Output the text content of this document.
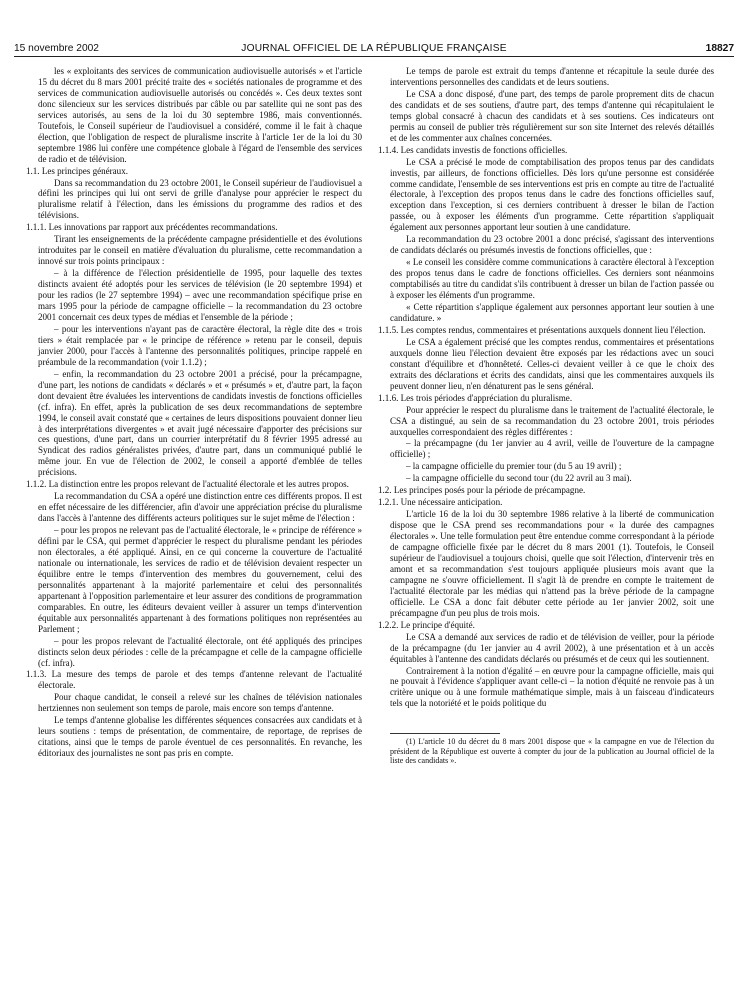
15 novembre 2002	JOURNAL OFFICIEL DE LA RÉPUBLIQUE FRANÇAISE	18827

les « exploitants des services de communication audiovisuelle autorisés » et l'article 15 du décret du 8 mars 2001 précité traite des « sociétés nationales de programme et des services de communication audiovisuelle autorisés ou concédés ». Ces deux textes sont donc silencieux sur les services distribués par câble ou par satellite qui ne sont pas des services autorisés, au sens de la loi du 30 septembre 1986, mais conventionnés. Toutefois, le Conseil supérieur de l'audiovisuel a considéré, comme il le fait à chaque élection, que l'obligation de respect de pluralisme inscrite à l'article 1er de la loi du 30 septembre 1986 lui confère une compétence globale à l'égard de l'ensemble des services de radio et de télévision.

1.1. Les principes généraux.

Dans sa recommandation du 23 octobre 2001, le Conseil supérieur de l'audiovisuel a défini les principes qui lui ont servi de grille d'analyse pour apprécier le respect du pluralisme relatif à l'élection, dans les émissions du programme des radios et des télévisions.

1.1.1. Les innovations par rapport aux précédentes recommandations.

Tirant les enseignements de la précédente campagne présidentielle et des évolutions introduites par le conseil en matière d'évaluation du pluralisme, cette recommandation a innové sur trois points principaux :

– à la différence de l'élection présidentielle de 1995, pour laquelle des textes distincts avaient été adoptés pour les services de télévision (le 20 septembre 1994) et pour les radios (le 27 septembre 1994) – avec une recommandation spécifique prise en mars 1995 pour la période de campagne officielle – la recommandation du 23 octobre 2001 concernait ces deux types de médias et l'ensemble de la période ;

– pour les interventions n'ayant pas de caractère électoral, la règle dite des « trois tiers » était remplacée par « le principe de référence » retenu par le conseil, depuis janvier 2000, pour l'accès à l'antenne des personnalités politiques, principe rappelé en préambule de la recommandation (voir 1.1.2) ;

– enfin, la recommandation du 23 octobre 2001 a précisé, pour la précampagne, d'une part, les notions de candidats « déclarés » et « présumés » et, d'autre part, la façon dont devaient être évaluées les interventions de candidats investis de fonctions officielles (cf. infra). En effet, après la publication de ses deux recommandations de septembre 1994, le conseil avait constaté que « certaines de leurs dispositions pouvaient donner lieu à des interprétations divergentes » et avait jugé nécessaire d'apporter des précisions sur ces questions, d'une part, dans un courrier interprétatif du 8 février 1995 adressé au Syndicat des radios généralistes privées, d'autre part, dans un communiqué publié le même jour. En vue de l'élection de 2002, le conseil a apporté d'emblée de telles précisions.

1.1.2. La distinction entre les propos relevant de l'actualité électorale et les autres propos.

La recommandation du CSA a opéré une distinction entre ces différents propos. Il est en effet nécessaire de les différencier, afin d'avoir une appréciation précise du pluralisme dans l'accès à l'antenne des différents acteurs politiques sur le sujet même de l'élection :

– pour les propos ne relevant pas de l'actualité électorale, le « principe de référence » défini par le CSA, qui permet d'apprécier le respect du pluralisme pendant les périodes non électorales, a été appliqué. Ainsi, en ce qui concerne la couverture de l'actualité nationale ou internationale, les services de radio et de télévision devaient respecter un équilibre entre le temps d'intervention des membres du gouvernement, celui des personnalités appartenant à la majorité parlementaire et celui des personnalités appartenant à l'opposition parlementaire et leur assurer des conditions de programmation comparables. En outre, les éditeurs devaient veiller à assurer un temps d'intervention équitable aux personnalités appartenant à des formations politiques non représentées au Parlement ;

– pour les propos relevant de l'actualité électorale, ont été appliqués des principes distincts selon deux périodes : celle de la précampagne et celle de la campagne officielle (cf. infra).

1.1.3. La mesure des temps de parole et des temps d'antenne relevant de l'actualité électorale.

Pour chaque candidat, le conseil a relevé sur les chaînes de télévision nationales hertziennes non seulement son temps de parole, mais encore son temps d'antenne.

Le temps d'antenne globalise les différentes séquences consacrées aux candidats et à leurs soutiens : temps de présentation, de commentaire, de reportage, de reprises de citations, ainsi que le temps de parole éventuel de ces personnalités. En revanche, les éditoriaux des journalistes ne sont pas pris en compte.

Le temps de parole est extrait du temps d'antenne et récapitule la seule durée des interventions personnelles des candidats et de leurs soutiens.

Le CSA a donc disposé, d'une part, des temps de parole proprement dits de chacun des candidats et de ses soutiens, d'autre part, des temps d'antenne qui récapitulaient le temps global consacré à chacun des candidats et à ses soutiens. Ces indicateurs ont permis au conseil de publier très régulièrement sur son site Internet des relevés détaillés et de les commenter aux chaînes concernées.

1.1.4. Les candidats investis de fonctions officielles.

Le CSA a précisé le mode de comptabilisation des propos tenus par des candidats investis, par ailleurs, de fonctions officielles. Dès lors qu'une personne est considérée comme candidate, l'ensemble de ses interventions est pris en compte au titre de l'actualité électorale, à l'exception des propos tenus dans le cadre des fonctions officielles sauf, exception dans l'exception, si ces derniers contribuent à dresser le bilan de l'action passée, ou à exposer les éléments d'un programme. Cette répartition s'appliquait également aux personnes apportant leur soutien à une candidature.

La recommandation du 23 octobre 2001 a donc précisé, s'agissant des interventions de candidats déclarés ou présumés investis de fonctions officielles, que :

« Le conseil les considère comme communications à caractère électoral à l'exception des propos tenus dans le cadre de fonctions officielles. Ces derniers sont néanmoins comptabilisés au titre du candidat s'ils contribuent à dresser un bilan de l'action passée ou à exposer les éléments d'un programme.

« Cette répartition s'applique également aux personnes apportant leur soutien à une candidature. »

1.1.5. Les comptes rendus, commentaires et présentations auxquels donnent lieu l'élection.

Le CSA a également précisé que les comptes rendus, commentaires et présentations auxquels donne lieu l'élection devaient être exposés par les rédactions avec un souci constant d'équilibre et d'honnêteté. Celles-ci devaient veiller à ce que le choix des extraits des déclarations et écrits des candidats, ainsi que les commentaires auxquels ils peuvent donner lieu, n'en dénaturent pas le sens général.

1.1.6. Les trois périodes d'appréciation du pluralisme.

Pour apprécier le respect du pluralisme dans le traitement de l'actualité électorale, le CSA a distingué, au sein de sa recommandation du 23 octobre 2001, trois périodes auxquelles correspondaient des règles différentes :

– la précampagne (du 1er janvier au 4 avril, veille de l'ouverture de la campagne officielle) ;

– la campagne officielle du premier tour (du 5 au 19 avril) ;

– la campagne officielle du second tour (du 22 avril au 3 mai).

1.2. Les principes posés pour la période de précampagne.

1.2.1. Une nécessaire anticipation.

L'article 16 de la loi du 30 septembre 1986 relative à la liberté de communication dispose que le CSA prend ses recommandations pour « la durée des campagnes électorales ». Une telle formulation peut être entendue comme correspondant à la période de campagne officielle fixée par le décret du 8 mars 2001 (1). Toutefois, le Conseil supérieur de l'audiovisuel a toujours choisi, quelle que soit l'élection, d'intervenir très en amont et sa recommandation s'est toujours appliquée plusieurs mois avant que la campagne ne s'ouvre officiellement. Il s'agit là de prendre en compte le traitement de l'actualité électorale par les médias qui n'attend pas la brève période de la campagne officielle. Le CSA a donc fait débuter cette période au 1er janvier 2002, soit une précampagne d'un peu plus de trois mois.

1.2.2. Le principe d'équité.

Le CSA a demandé aux services de radio et de télévision de veiller, pour la période de la précampagne (du 1er janvier au 4 avril 2002), à une présentation et à un accès équitables à l'antenne des candidats déclarés ou présumés et de ceux qui les soutiennent.

Contrairement à la notion d'égalité – en œuvre pour la campagne officielle, mais qui ne pouvait à l'évidence s'appliquer avant celle-ci – la notion d'équité ne renvoie pas à un critère unique ou à une formule mathématique simple, mais à un faisceau d'indicateurs tels que la notoriété et le poids politique du

(1) L'article 10 du décret du 8 mars 2001 dispose que « la campagne en vue de l'élection du président de la République est ouverte à compter du jour de la publication au Journal officiel de la liste des candidats ».
